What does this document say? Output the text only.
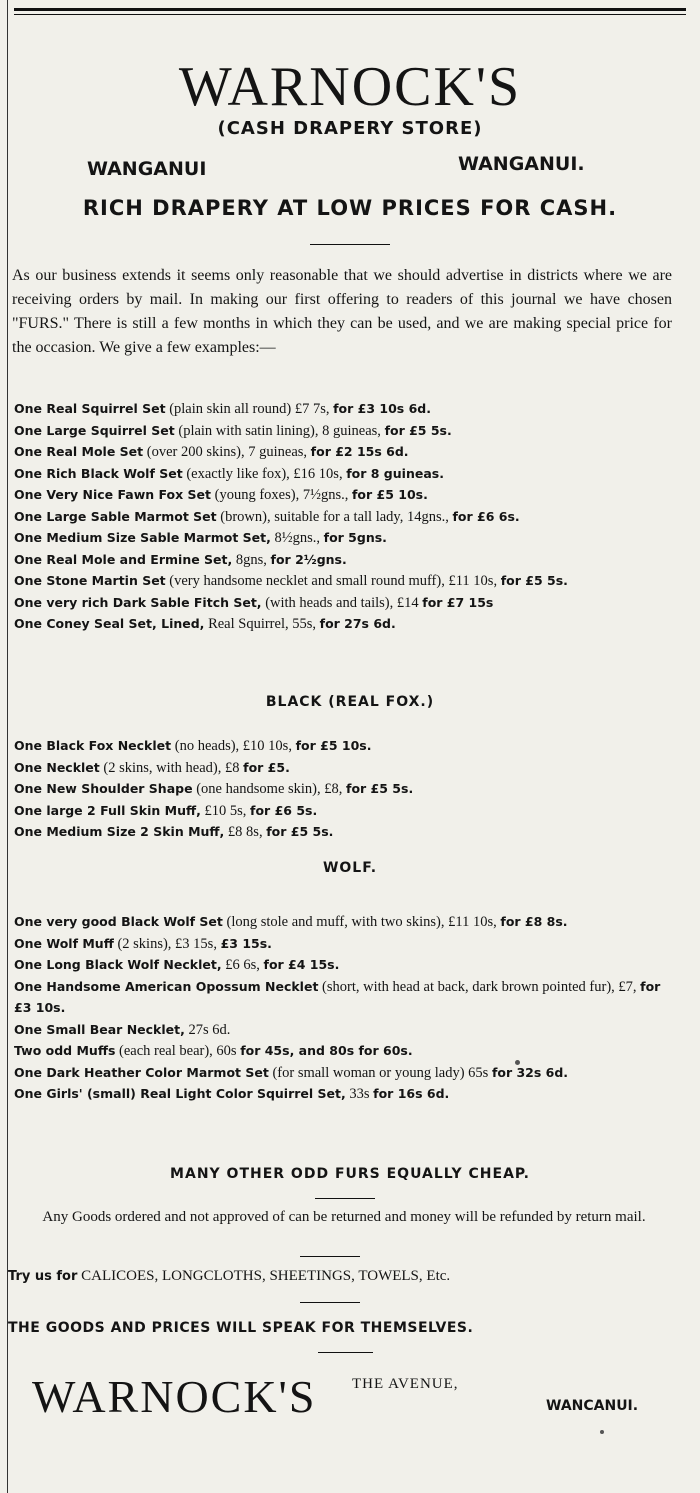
WARNOCK'S
(CASH DRAPERY STORE)
WANGANUI	WANGANUI.
RICH DRAPERY AT LOW PRICES FOR CASH.
As our business extends it seems only reasonable that we should advertise in districts where we are receiving orders by mail. In making our first offering to readers of this journal we have chosen "FURS." There is still a few months in which they can be used, and we are making special price for the occasion. We give a few examples:—

One Real Squirrel Set (plain skin all round) £7 7s, for £3 10s 6d.

One Large Squirrel Set (plain with satin lining), 8 guineas, for £5 5s.

One Real Mole Set (over 200 skins), 7 guineas, for £2 15s 6d.

One Rich Black Wolf Set (exactly like fox), £16 10s, for 8 guineas.

One Very Nice Fawn Fox Set (young foxes), 7½gns., for £5 10s.

One Large Sable Marmot Set (brown), suitable for a tall lady, 14gns., for £6 6s.

One Medium Size Sable Marmot Set, 8½gns., for 5gns.

One Real Mole and Ermine Set, 8gns, for 2½gns.

One Stone Martin Set (very handsome necklet and small round muff), £11 10s, for £5 5s.

One very rich Dark Sable Fitch Set, (with heads and tails), £14 for £7 15s

One Coney Seal Set, Lined, Real Squirrel, 55s, for 27s 6d.

BLACK (REAL FOX.)

One Black Fox Necklet (no heads), £10 10s, for £5 10s.

One Necklet (2 skins, with head), £8 for £5.

One New Shoulder Shape (one handsome skin), £8, for £5 5s.

One large 2 Full Skin Muff, £10 5s, for £6 5s.

One Medium Size 2 Skin Muff, £8 8s, for £5 5s.

WOLF.

One very good Black Wolf Set (long stole and muff, with two skins), £11 10s, for £8 8s.

One Wolf Muff (2 skins), £3 15s, £3 15s.

One Long Black Wolf Necklet, £6 6s, for £4 15s.

One Handsome American Opossum Necklet (short, with head at back, dark brown pointed fur), £7, for £3 10s.

One Small Bear Necklet, 27s 6d.

Two odd Muffs (each real bear), 60s for 45s, and 80s for 60s.

One Dark Heather Color Marmot Set (for small woman or young lady) 65s for 32s 6d.

One Girls' (small) Real Light Color Squirrel Set, 33s for 16s 6d.

MANY OTHER ODD FURS EQUALLY CHEAP.
Any Goods ordered and not approved of can be returned and money will be refunded by return mail.
Try us for CALICOES, LONGCLOTHS, SHEETINGS, TOWELS, Etc.
THE GOODS AND PRICES WILL SPEAK FOR THEMSELVES.
WARNOCK'S THE AVENUE,
WANCANUI.
